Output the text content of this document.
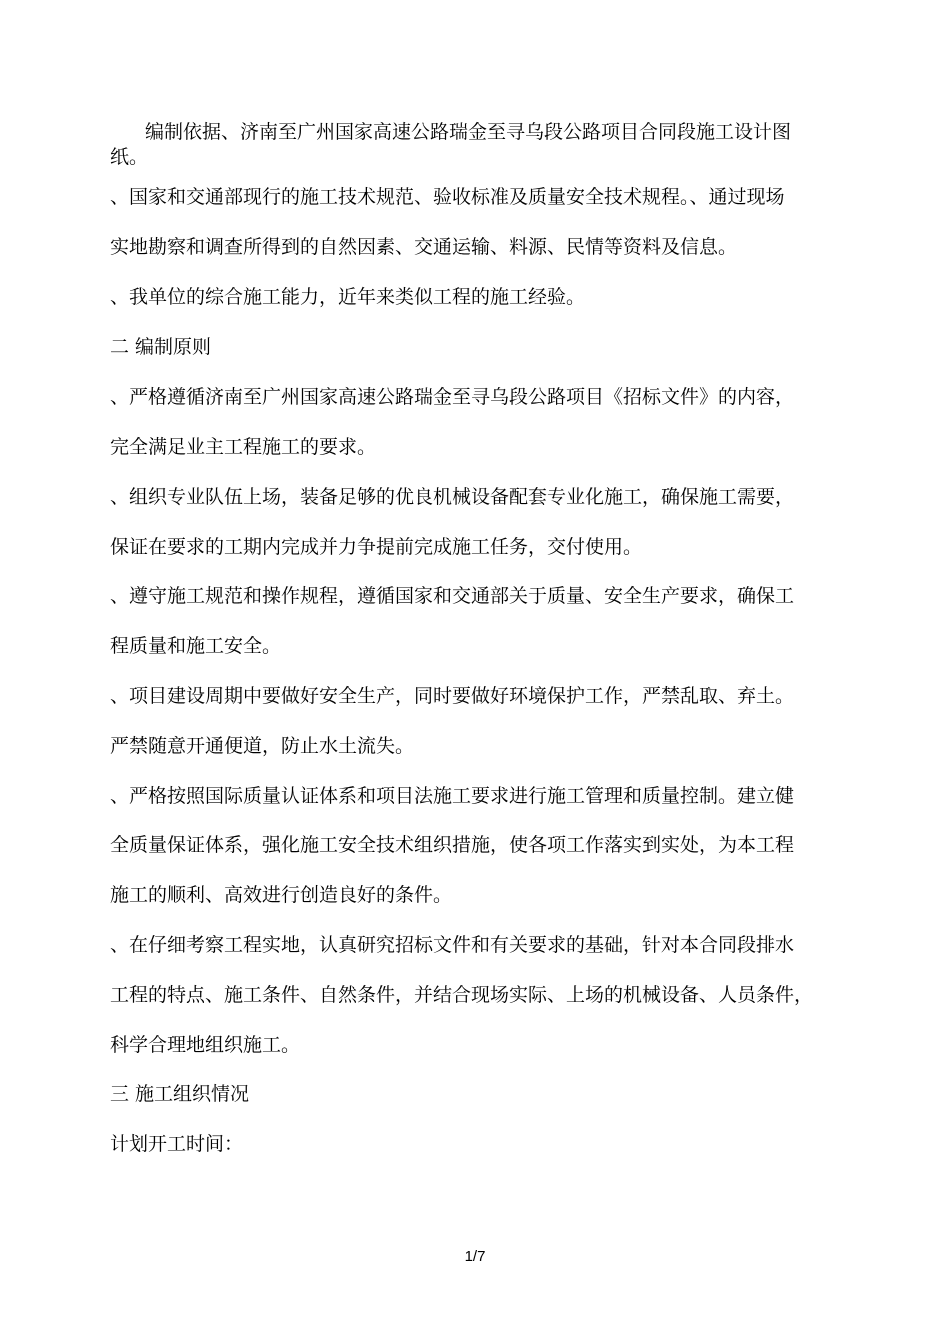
编制依据、济南至广州国家高速公路瑞金至寻乌段公路项目合同段施工设计图
纸。
、国家和交通部现行的施工技术规范、验收标准及质量安全技术规程。、通过现场
实地勘察和调查所得到的自然因素、交通运输、料源、民情等资料及信息。
、我单位的综合施工能力，近年来类似工程的施工经验。
二 编制原则
、严格遵循济南至广州国家高速公路瑞金至寻乌段公路项目《招标文件》的内容，
完全满足业主工程施工的要求。
、组织专业队伍上场，装备足够的优良机械设备配套专业化施工，确保施工需要，
保证在要求的工期内完成并力争提前完成施工任务，交付使用。
、遵守施工规范和操作规程，遵循国家和交通部关于质量、安全生产要求，确保工
程质量和施工安全。
、项目建设周期中要做好安全生产，同时要做好环境保护工作，严禁乱取、弃土。
严禁随意开通便道，防止水土流失。
、严格按照国际质量认证体系和项目法施工要求进行施工管理和质量控制。建立健
全质量保证体系，强化施工安全技术组织措施，使各项工作落实到实处，为本工程
施工的顺利、高效进行创造良好的条件。
、在仔细考察工程实地，认真研究招标文件和有关要求的基础，针对本合同段排水
工程的特点、施工条件、自然条件，并结合现场实际、上场的机械设备、人员条件，
科学合理地组织施工。
三 施工组织情况
计划开工时间：
1/7
